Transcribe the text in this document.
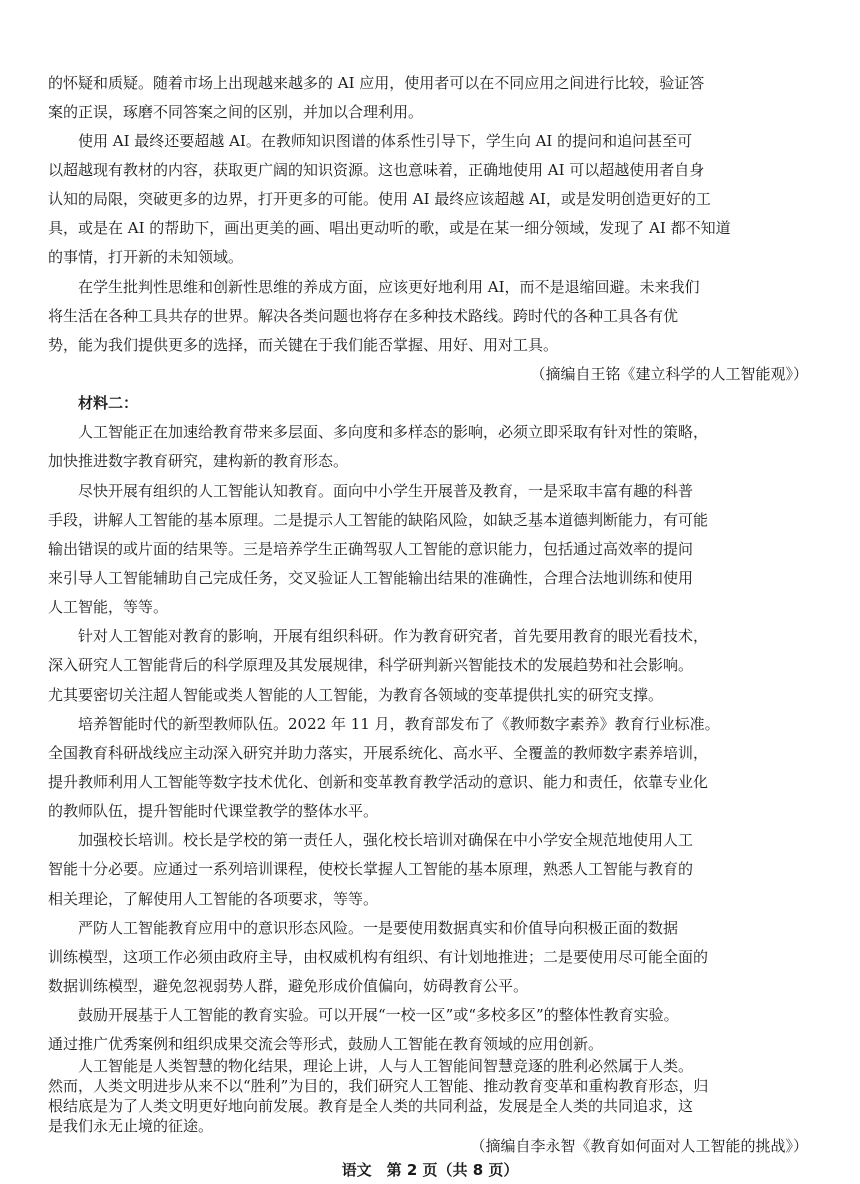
的怀疑和质疑。随着市场上出现越来越多的 AI 应用，使用者可以在不同应用之间进行比较，验证答
案的正误，琢磨不同答案之间的区别，并加以合理利用。
使用 AI 最终还要超越 AI。在教师知识图谱的体系性引导下，学生向 AI 的提问和追问甚至可
以超越现有教材的内容，获取更广阔的知识资源。这也意味着，正确地使用 AI 可以超越使用者自身
认知的局限，突破更多的边界，打开更多的可能。使用 AI 最终应该超越 AI，或是发明创造更好的工
具，或是在 AI 的帮助下，画出更美的画、唱出更动听的歌，或是在某一细分领域，发现了 AI 都不知道
的事情，打开新的未知领域。
在学生批判性思维和创新性思维的养成方面，应该更好地利用 AI，而不是退缩回避。未来我们
将生活在各种工具共存的世界。解决各类问题也将存在多种技术路线。跨时代的各种工具各有优
势，能为我们提供更多的选择，而关键在于我们能否掌握、用好、用对工具。
（摘编自王铭《建立科学的人工智能观》）
材料二：
人工智能正在加速给教育带来多层面、多向度和多样态的影响，必须立即采取有针对性的策略，
加快推进数字教育研究，建构新的教育形态。
尽快开展有组织的人工智能认知教育。面向中小学生开展普及教育，一是采取丰富有趣的科普
手段，讲解人工智能的基本原理。二是提示人工智能的缺陷风险，如缺乏基本道德判断能力，有可能
输出错误的或片面的结果等。三是培养学生正确驾驭人工智能的意识能力，包括通过高效率的提问
来引导人工智能辅助自己完成任务，交叉验证人工智能输出结果的准确性，合理合法地训练和使用
人工智能，等等。
针对人工智能对教育的影响，开展有组织科研。作为教育研究者，首先要用教育的眼光看技术，
深入研究人工智能背后的科学原理及其发展规律，科学研判新兴智能技术的发展趋势和社会影响。
尤其要密切关注超人智能或类人智能的人工智能，为教育各领域的变革提供扎实的研究支撑。
培养智能时代的新型教师队伍。2022 年 11 月，教育部发布了《教师数字素养》教育行业标准。
全国教育科研战线应主动深入研究并助力落实，开展系统化、高水平、全覆盖的教师数字素养培训，
提升教师利用人工智能等数字技术优化、创新和变革教育教学活动的意识、能力和责任，依靠专业化
的教师队伍，提升智能时代课堂教学的整体水平。
加强校长培训。校长是学校的第一责任人，强化校长培训对确保在中小学安全规范地使用人工
智能十分必要。应通过一系列培训课程，使校长掌握人工智能的基本原理，熟悉人工智能与教育的
相关理论，了解使用人工智能的各项要求，等等。
严防人工智能教育应用中的意识形态风险。一是要使用数据真实和价值导向积极正面的数据
训练模型，这项工作必须由政府主导，由权威机构有组织、有计划地推进；二是要使用尽可能全面的
数据训练模型，避免忽视弱势人群，避免形成价值偏向，妨碍教育公平。
鼓励开展基于人工智能的教育实验。可以开展“一校一区”或“多校多区”的整体性教育实验。
通过推广优秀案例和组织成果交流会等形式，鼓励人工智能在教育领域的应用创新。
人工智能是人类智慧的物化结果，理论上讲，人与人工智能间智慧竞逐的胜利必然属于人类。
然而，人类文明进步从来不以“胜利”为目的，我们研究人工智能、推动教育变革和重构教育形态，归
根结底是为了人类文明更好地向前发展。教育是全人类的共同利益，发展是全人类的共同追求，这
是我们永无止境的征途。
（摘编自李永智《教育如何面对人工智能的挑战》）
语文　第 2 页（共 8 页）
